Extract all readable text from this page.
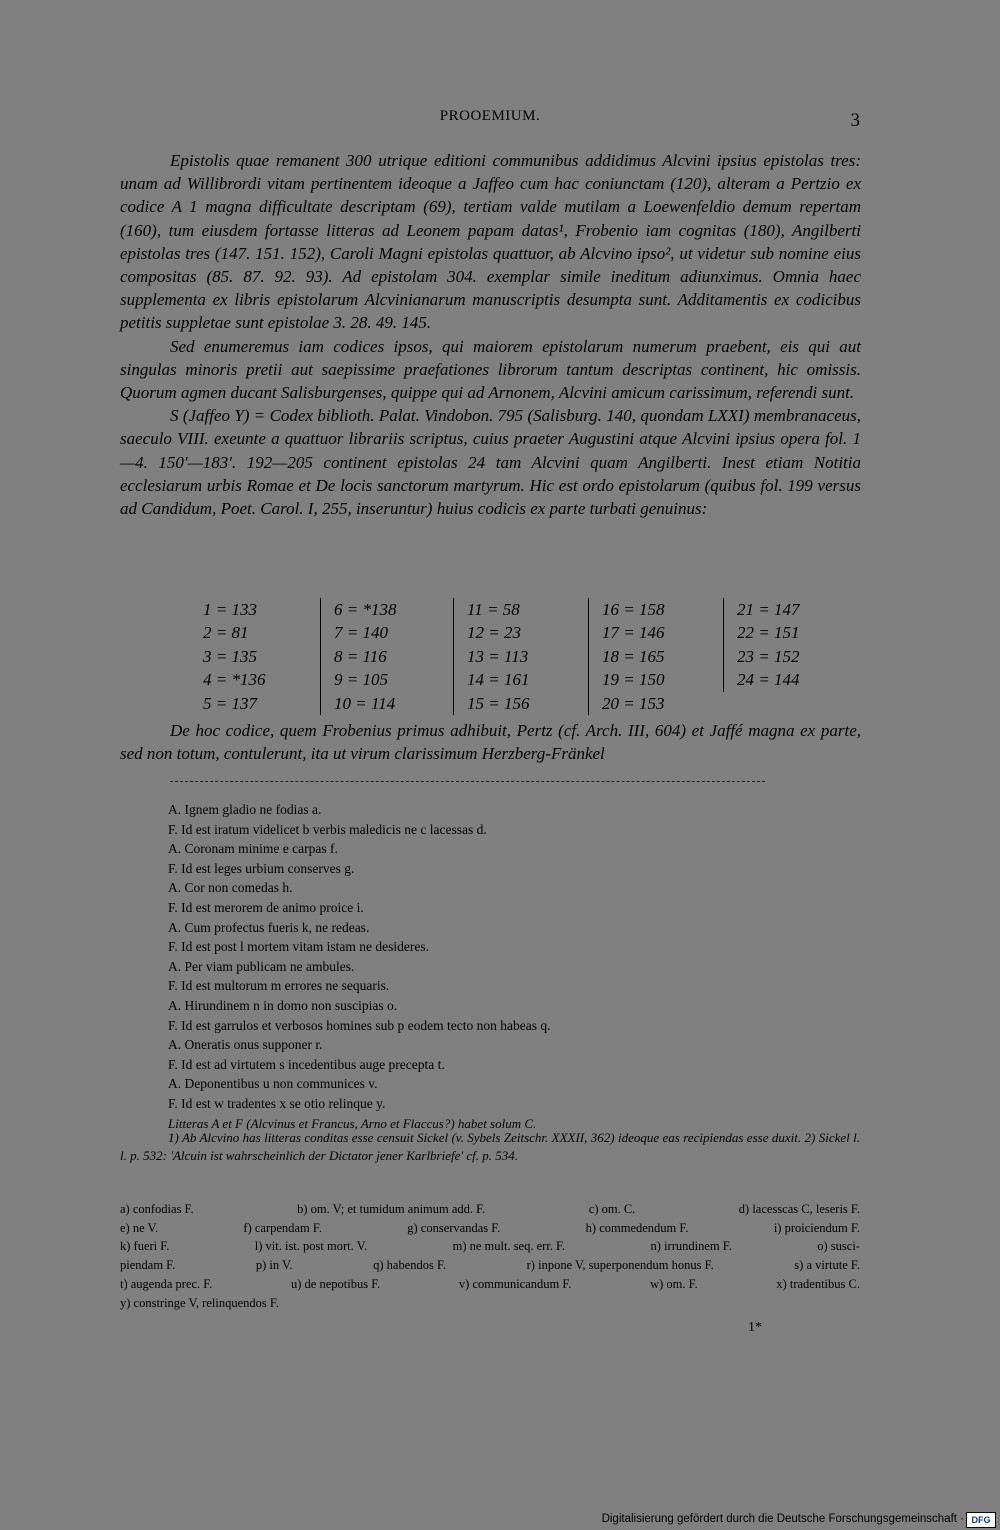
PROOEMIUM.	3

Epistolis quae remanent 300 utrique editioni communibus addidimus Alcvini ipsius epistolas tres: unam ad Willibrordi vitam pertinentem ideoque a Jaffeo cum hac coniunctam (120), alteram a Pertzio ex codice A 1 magna difficultate descriptam (69), tertiam valde mutilam a Loewenfeldio demum repertam (160), tum eiusdem fortasse litteras ad Leonem papam datas¹, Frobenio iam cognitas (180), Angilberti epistolas tres (147. 151. 152), Caroli Magni epistolas quattuor, ab Alcvino ipso², ut videtur sub nomine eius compositas (85. 87. 92. 93). Ad epistolam 304. exemplar simile ineditum adiunximus. Omnia haec supplementa ex libris epistolarum Alcvinianarum manuscriptis desumpta sunt. Additamentis ex codicibus petitis suppletae sunt epistolae 3. 28. 49. 145.

Sed enumeremus iam codices ipsos, qui maiorem epistolarum numerum praebent, eis qui aut singulas minoris pretii aut saepissime praefationes librorum tantum descriptas continent, hic omissis. Quorum agmen ducant Salisburgenses, quippe qui ad Arnonem, Alcvini amicum carissimum, referendi sunt.

S (Jaffeo Y) = Codex biblioth. Palat. Vindobon. 795 (Salisburg. 140, quondam LXXI) membranaceus, saeculo VIII. exeunte a quattuor librariis scriptus, cuius praeter Augustini atque Alcvini ipsius opera fol. 1—4. 150′—183′. 192—205 continent epistolas 24 tam Alcvini quam Angilberti. Inest etiam Notitia ecclesiarum urbis Romae et De locis sanctorum martyrum. Hic est ordo epistolarum (quibus fol. 199 versus ad Candidum, Poet. Carol. I, 255, inseruntur) huius codicis ex parte turbati genuinus:

1 = 133	6 = *138	11 = 58	16 = 158	21 = 147
2 = 81	7 = 140	12 = 23	17 = 146	22 = 151
3 = 135	8 = 116	13 = 113	18 = 165	23 = 152
4 = *136	9 = 105	14 = 161	19 = 150	24 = 144
5 = 137	10 = 114	15 = 156	20 = 153	

De hoc codice, quem Frobenius primus adhibuit, Pertz (cf. Arch. III, 604) et Jaffé magna ex parte, sed non totum, contulerunt, ita ut virum clarissimum Herzberg-Fränkel

A. Ignem gladio ne fodias a.
F. Id est iratum videlicet b verbis maledicis ne c lacessas d.
A. Coronam minime e carpas f.
F. Id est leges urbium conserves g.
A. Cor non comedas h.
F. Id est merorem de animo proice i.
A. Cum profectus fueris k, ne redeas.
F. Id est post l mortem vitam istam ne desideres.
A. Per viam publicam ne ambules.
F. Id est multorum m errores ne sequaris.
A. Hirundinem n in domo non suscipias o.
F. Id est garrulos et verbosos homines sub p eodem tecto non habeas q.
A. Oneratis onus supponer r.
F. Id est ad virtutem s incedentibus auge precepta t.
A. Deponentibus u non communices v.
F. Id est w tradentes x se otio relinque y.
Litteras A et F (Alcvinus et Francus, Arno et Flaccus?) habet solum C.
1) Ab Alcvino has litteras conditas esse censuit Sickel (v. Sybels Zeitschr. XXXII, 362) ideoque eas recipiendas esse duxit. 2) Sickel l. l. p. 532: 'Alcuin ist wahrscheinlich der Dictator jener Karlbriefe' cf. p. 534.
a) confodias F.	b) om. V; et tumidum animum add. F.	c) om. C.	d) lacesscas C, leseris F.
e) ne V.	f) carpendam F.	g) conservandas F.	h) commedendum F.	i) proiciendum F.
k) fueri F.	l) vit. ist. post mort. V.	m) ne mult. seq. err. F.	n) irrundinem F.	o) susci-
piendam F.	p) in V.	q) habendos F.	r) inpone V, superponendum honus F.	s) a virtute F.
t) augenda prec. F.	u) de nepotibus F.	v) communicandum F.	w) om. F.	x) tradentibus C.
y) constringe V, relinquendos F.
1*
Digitalisierung gefördert durch die Deutsche Forschungsgemeinschaft · DFG
